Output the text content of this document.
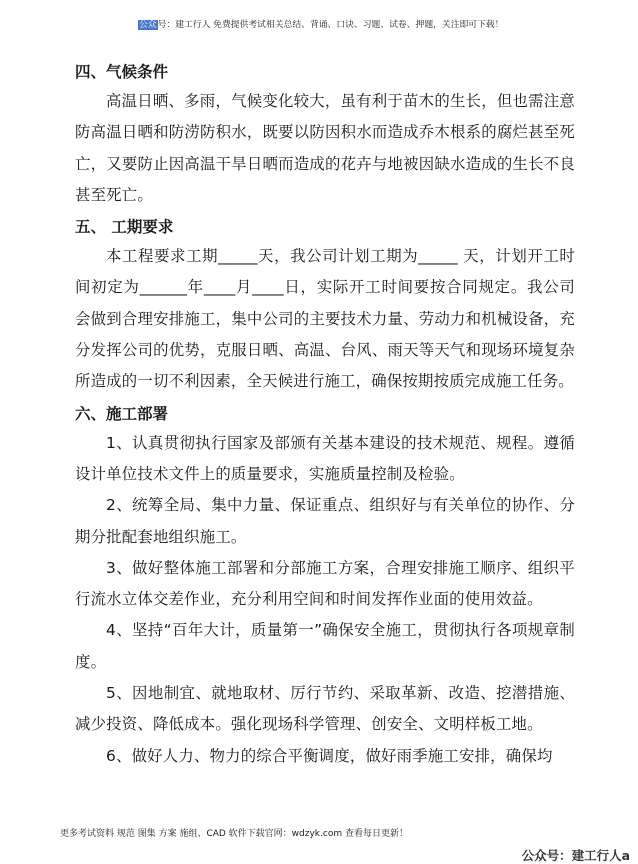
公众号：建工行人 免费提供考试相关总结、背诵、口诀、习题、试卷、押题，关注即可下载！
四、气候条件

高温日晒、多雨，气候变化较大，虽有利于苗木的生长，但也需注意防高温日晒和防涝防积水，既要以防因积水而造成乔木根系的腐烂甚至死亡，又要防止因高温干旱日晒而造成的花卉与地被因缺水造成的生长不良甚至死亡。

五、 工期要求

本工程要求工期_____天，我公司计划工期为_____ 天，计划开工时间初定为______年____月____日，实际开工时间要按合同规定。我公司会做到合理安排施工，集中公司的主要技术力量、劳动力和机械设备，充分发挥公司的优势，克服日晒、高温、台风、雨天等天气和现场环境复杂所造成的一切不利因素，全天候进行施工，确保按期按质完成施工任务。

六、施工部署

1、认真贯彻执行国家及部颁有关基本建设的技术规范、规程。遵循设计单位技术文件上的质量要求，实施质量控制及检验。

2、统筹全局、集中力量、保证重点、组织好与有关单位的协作、分期分批配套地组织施工。

3、做好整体施工部署和分部施工方案，合理安排施工顺序、组织平行流水立体交差作业，充分利用空间和时间发挥作业面的使用效益。

4、坚持“百年大计，质量第一”确保安全施工，贯彻执行各项规章制度。

5、因地制宜、就地取材、厉行节约、采取革新、改造、挖潜措施、减少投资、降低成本。强化现场科学管理、创安全、文明样板工地。

6、做好人力、物力的综合平衡调度，做好雨季施工安排，确保均

更多考试资料 规范 图集 方案 施组、CAD 软件下载官网：wdzyk.com 查看每日更新！
公众号：建工行人a
